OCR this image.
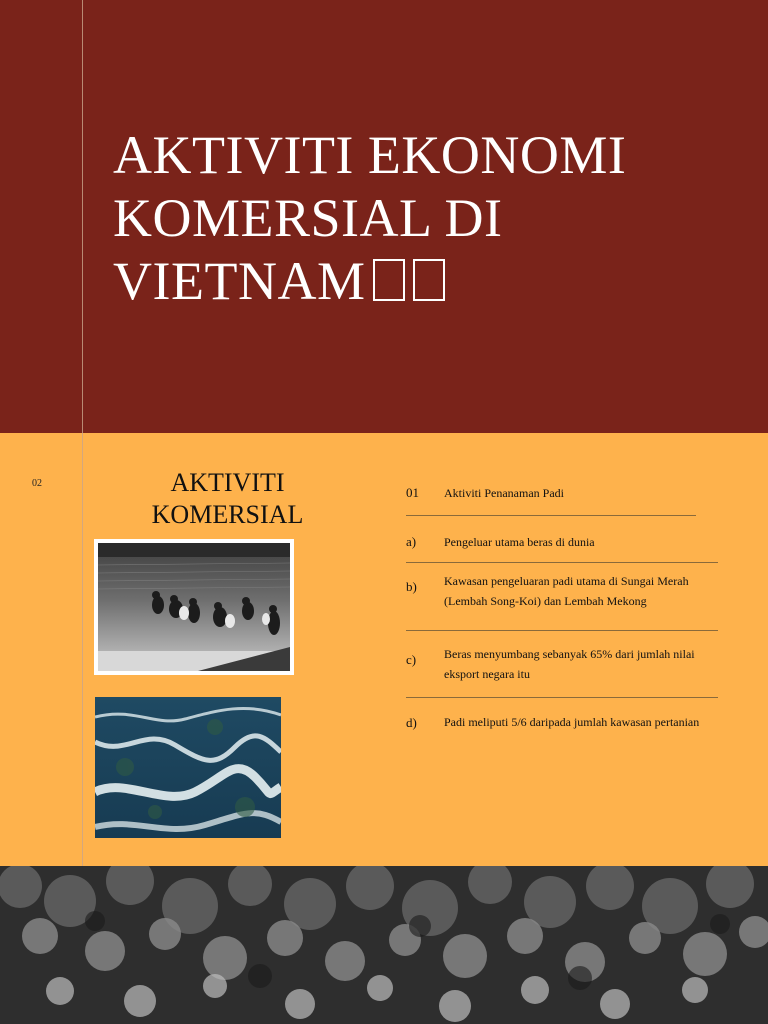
AKTIVITI EKONOMI
KOMERSIAL DI
VIETNAM
02	AKTIVITI
KOMERSIAL
01 Aktiviti Penanaman Padi
a) Pengeluar utama beras di dunia
b) Kawasan pengeluaran padi utama di Sungai Merah (Lembah Song-Koi) dan Lembah Mekong
c) Beras menyumbang sebanyak 65% dari jumlah nilai eksport negara itu
d) Padi meliputi 5/6 daripada jumlah kawasan pertanian
